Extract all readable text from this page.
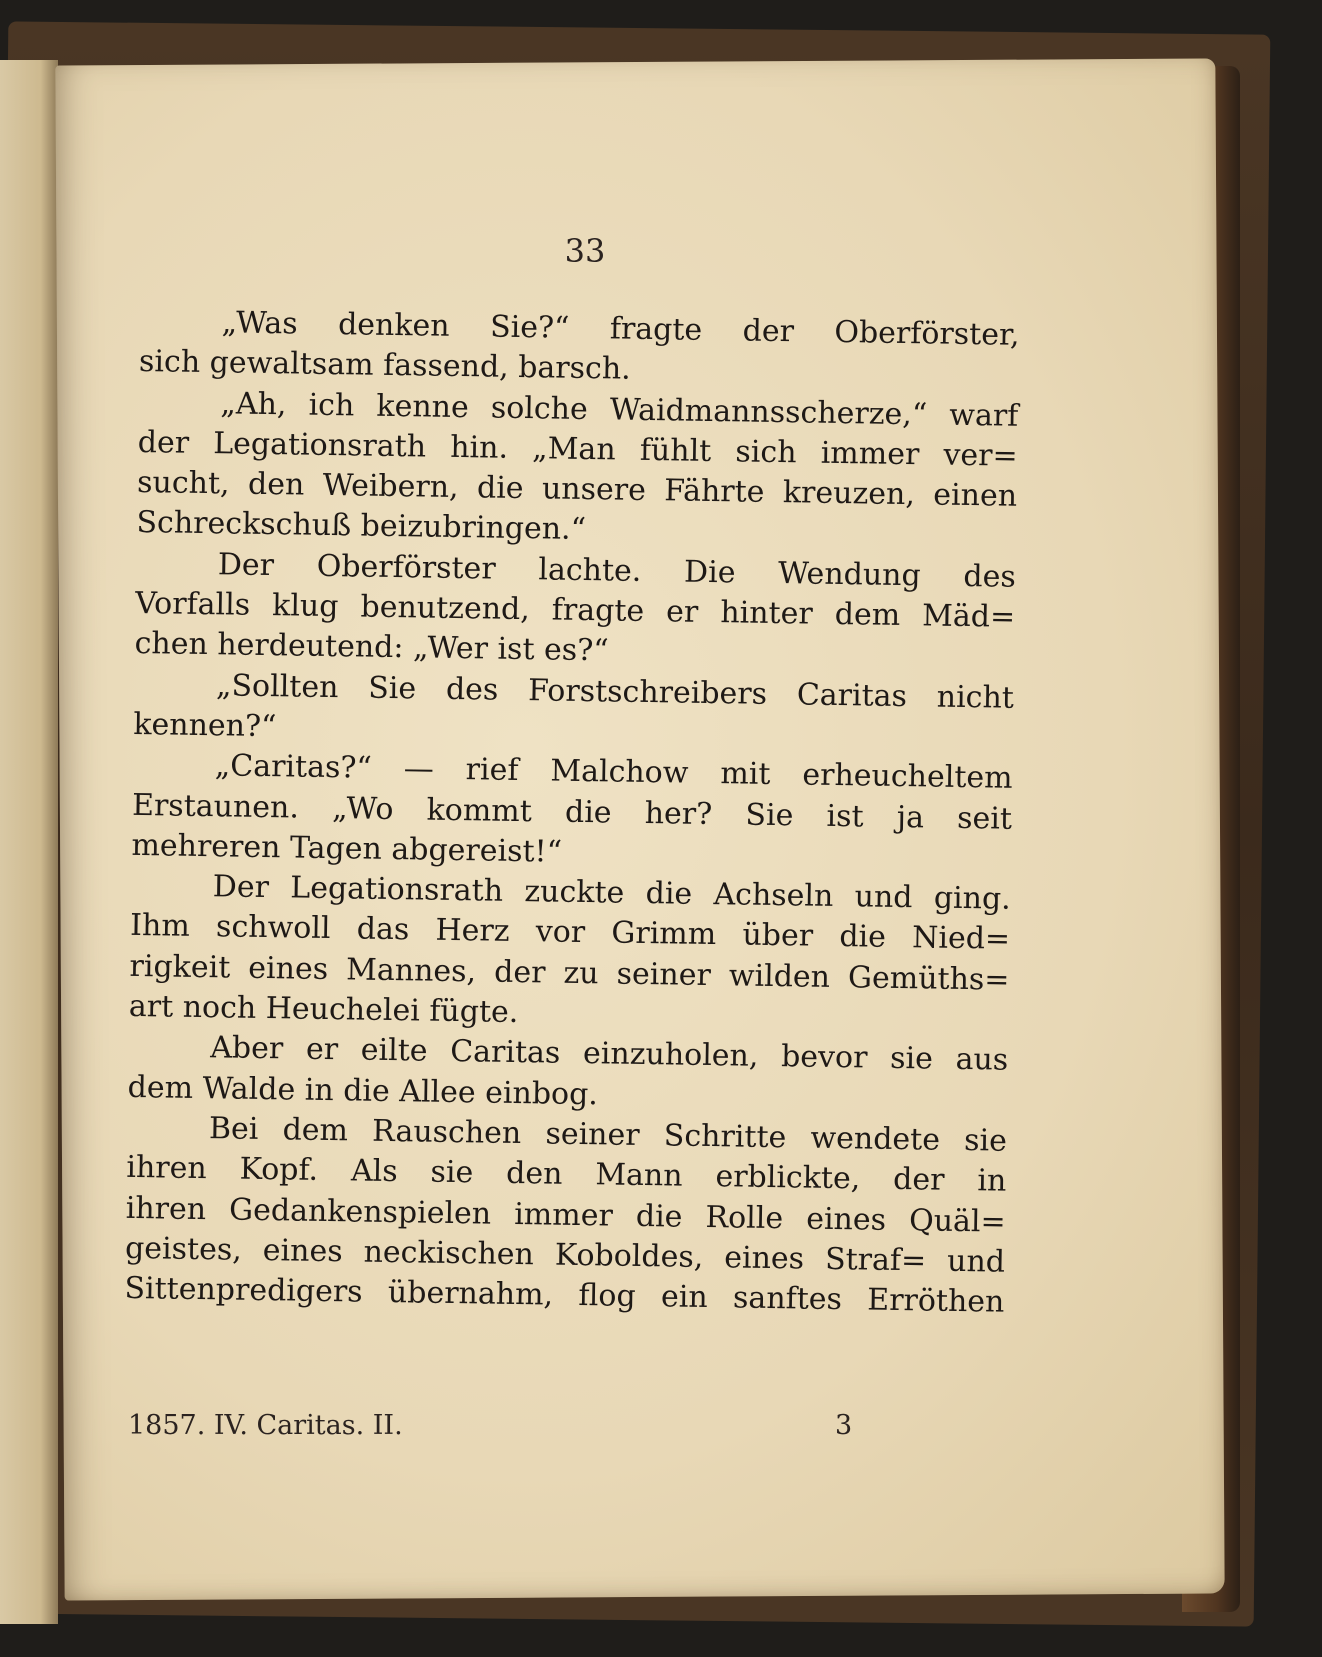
33
„Was denken Sie?“ fragte der Oberförster,
sich gewaltsam fassend, barsch.
„Ah, ich kenne solche Waidmannsscherze,“ warf
der Legationsrath hin. „Man fühlt sich immer ver=
sucht, den Weibern, die unsere Fährte kreuzen, einen
Schreckschuß beizubringen.“
Der Oberförster lachte. Die Wendung des
Vorfalls klug benutzend, fragte er hinter dem Mäd=
chen herdeutend: „Wer ist es?“
„Sollten Sie des Forstschreibers Caritas nicht
kennen?“
„Caritas?“ — rief Malchow mit erheucheltem
Erstaunen. „Wo kommt die her? Sie ist ja seit
mehreren Tagen abgereist!“
Der Legationsrath zuckte die Achseln und ging.
Ihm schwoll das Herz vor Grimm über die Nied=
rigkeit eines Mannes, der zu seiner wilden Gemüths=
art noch Heuchelei fügte.
Aber er eilte Caritas einzuholen, bevor sie aus
dem Walde in die Allee einbog.
Bei dem Rauschen seiner Schritte wendete sie
ihren Kopf. Als sie den Mann erblickte, der in
ihren Gedankenspielen immer die Rolle eines Quäl=
geistes, eines neckischen Koboldes, eines Straf= und
Sittenpredigers übernahm, flog ein sanftes Erröthen
1857. IV. Caritas. II.	3
